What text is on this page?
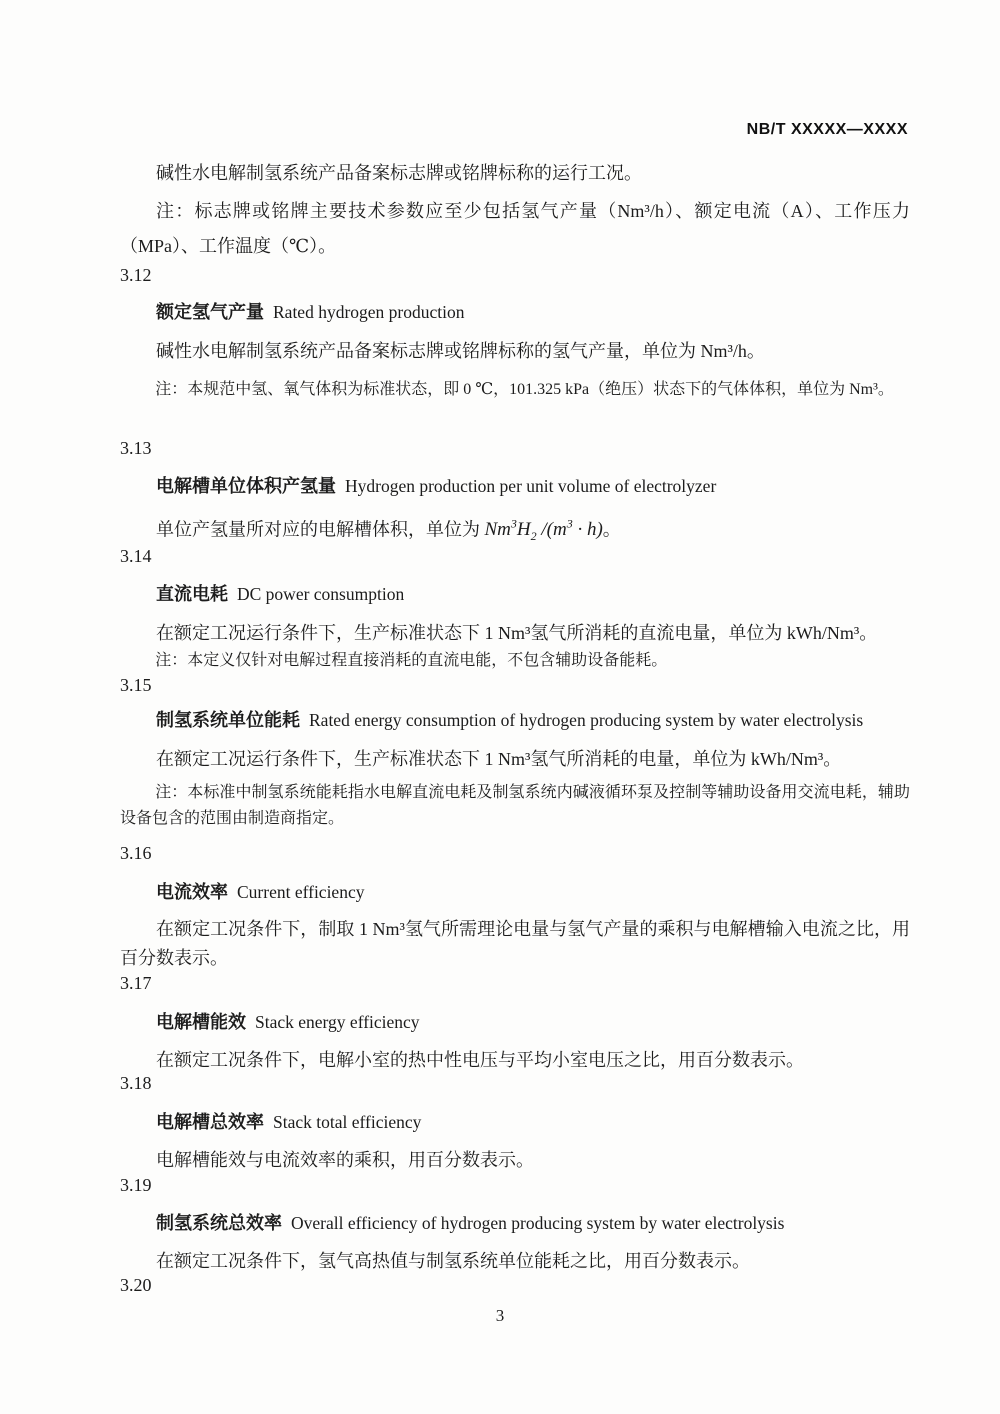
NB/T XXXXX—XXXX

碱性水电解制氢系统产品备案标志牌或铭牌标称的运行工况。

注：标志牌或铭牌主要技术参数应至少包括氢气产量（Nm³/h）、额定电流（A）、工作压力（MPa）、工作温度（℃）。

3.12

额定氢气产量 Rated hydrogen production

碱性水电解制氢系统产品备案标志牌或铭牌标称的氢气产量，单位为 Nm³/h。

注：本规范中氢、氧气体积为标准状态，即 0 ℃，101.325 kPa（绝压）状态下的气体体积，单位为 Nm³。

3.13

电解槽单位体积产氢量 Hydrogen production per unit volume of electrolyzer

单位产氢量所对应的电解槽体积，单位为 $Nm^3H_2$ $/(m^3 \cdot h)$。

3.14

直流电耗 DC power consumption

在额定工况运行条件下，生产标准状态下 1 Nm³氢气所消耗的直流电量，单位为 kWh/Nm³。

注：本定义仅针对电解过程直接消耗的直流电能，不包含辅助设备能耗。

3.15

制氢系统单位能耗 Rated energy consumption of hydrogen producing system by water electrolysis

在额定工况运行条件下，生产标准状态下 1 Nm³氢气所消耗的电量，单位为 kWh/Nm³。

注：本标准中制氢系统能耗指水电解直流电耗及制氢系统内碱液循环泵及控制等辅助设备用交流电耗，辅助设备包含的范围由制造商指定。

3.16

电流效率 Current efficiency

在额定工况条件下，制取 1 Nm³氢气所需理论电量与氢气产量的乘积与电解槽输入电流之比，用百分数表示。

3.17

电解槽能效 Stack energy efficiency

在额定工况条件下，电解小室的热中性电压与平均小室电压之比，用百分数表示。

3.18

电解槽总效率 Stack total efficiency

电解槽能效与电流效率的乘积，用百分数表示。

3.19

制氢系统总效率 Overall efficiency of hydrogen producing system by water electrolysis

在额定工况条件下，氢气高热值与制氢系统单位能耗之比，用百分数表示。

3.20

3
